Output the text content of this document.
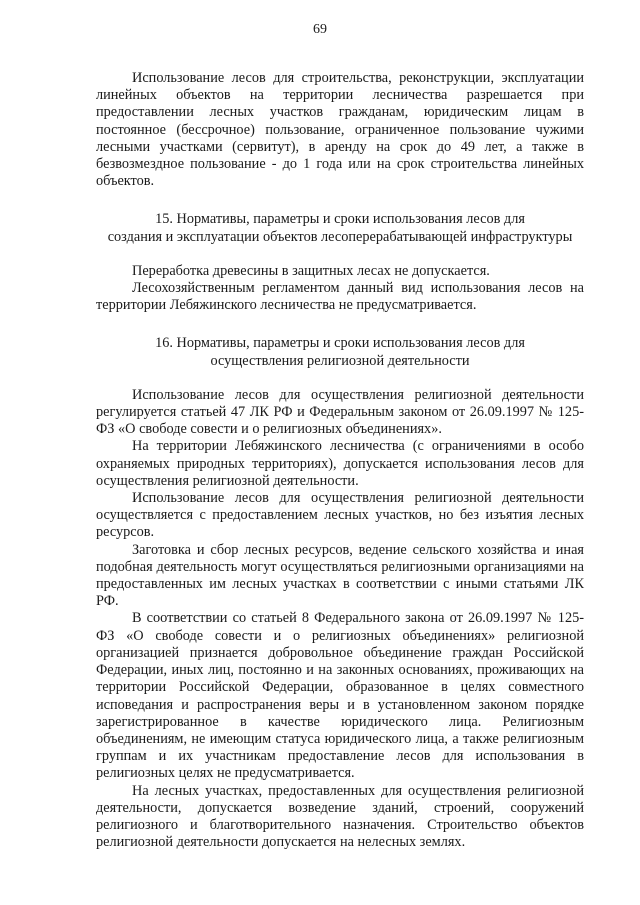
69

Использование лесов для строительства, реконструкции, эксплуатации линейных объектов на территории лесничества разрешается при предоставлении лесных участков гражданам, юридическим лицам в постоянное (бессрочное) пользование, ограниченное пользование чужими лесными участками (сервитут), в аренду на срок до 49 лет, а также в безвозмездное пользование - до 1 года или на срок строительства линейных объектов.

15. Нормативы, параметры и сроки использования лесов для

создания и эксплуатации объектов лесоперерабатывающей инфраструктуры

Переработка древесины в защитных лесах не допускается.

Лесохозяйственным регламентом данный вид использования лесов на территории Лебяжинского лесничества не предусматривается.

16. Нормативы, параметры и сроки использования лесов для

осуществления религиозной деятельности

Использование лесов для осуществления религиозной деятельности регулируется статьей 47 ЛК РФ и Федеральным законом от 26.09.1997 № 125-ФЗ «О свободе совести и о религиозных объединениях».

На территории Лебяжинского лесничества (с ограничениями в особо охраняемых природных территориях), допускается использования лесов для осуществления религиозной деятельности.

Использование лесов для осуществления религиозной деятельности осуществляется с предоставлением лесных участков, но без изъятия лесных ресурсов.

Заготовка и сбор лесных ресурсов, ведение сельского хозяйства и иная подобная деятельность могут осуществляться религиозными организациями на предоставленных им лесных участках в соответствии с иными статьями ЛК РФ.

В соответствии со статьей 8 Федерального закона от 26.09.1997 № 125-ФЗ «О свободе совести и о религиозных объединениях» религиозной организацией признается добровольное объединение граждан Российской Федерации, иных лиц, постоянно и на законных основаниях, проживающих на территории Российской Федерации, образованное в целях совместного исповедания и распространения веры и в установленном законом порядке зарегистрированное в качестве юридического лица. Религиозным объединениям, не имеющим статуса юридического лица, а также религиозным группам и их участникам предоставление лесов для использования в религиозных целях не предусматривается.

На лесных участках, предоставленных для осуществления религиозной деятельности, допускается возведение зданий, строений, сооружений религиозного и благотворительного назначения. Строительство объектов религиозной деятельности допускается на нелесных землях.
